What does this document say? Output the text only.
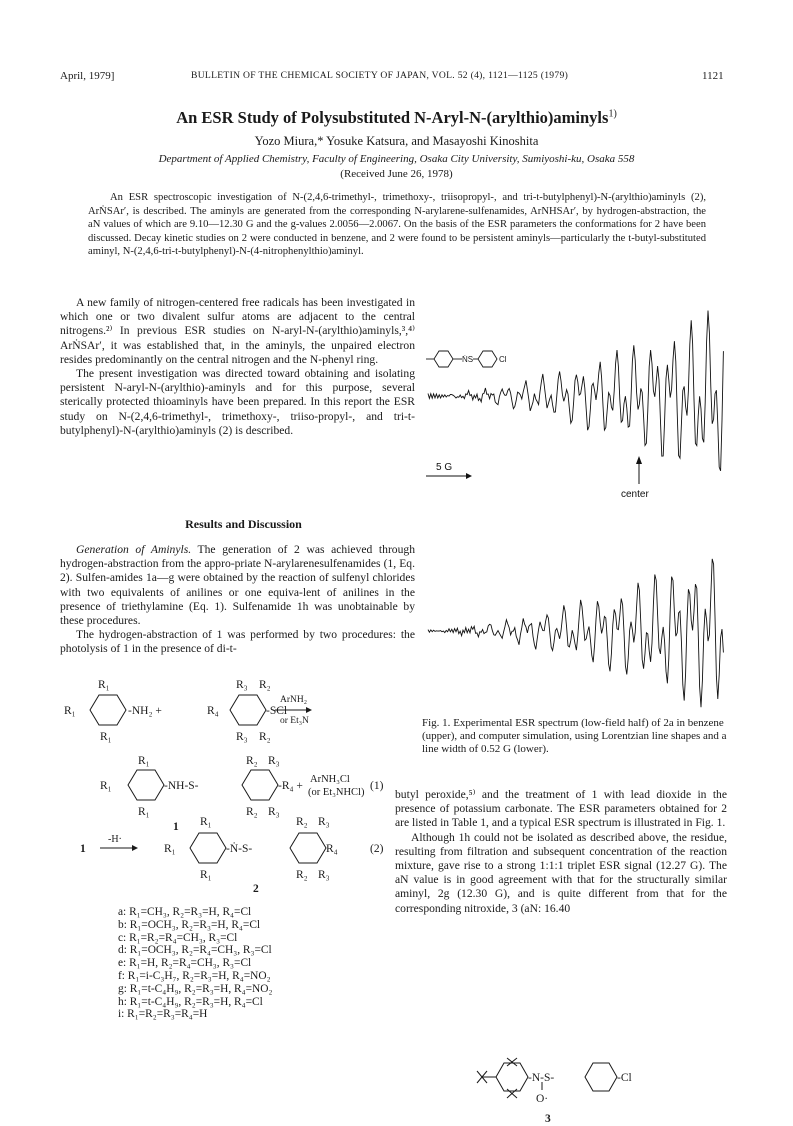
April, 1979]	BULLETIN OF THE CHEMICAL SOCIETY OF JAPAN, VOL. 52 (4), 1121—1125 (1979)	1121
An ESR Study of Polysubstituted N-Aryl-N-(arylthio)aminyls$^{1)}$
Yozo Miura,* Yosuke Katsura, and Masayoshi Kinoshita
Department of Applied Chemistry, Faculty of Engineering, Osaka City University, Sumiyoshi-ku, Osaka 558
(Received June 26, 1978)

An ESR spectroscopic investigation of N-(2,4,6-trimethyl-, trimethoxy-, triisopropyl-, and tri-t-butylphenyl)-N-(arylthio)aminyls (2), ArṄSAr′, is described. The aminyls are generated from the corresponding N-arylarene-sulfenamides, ArNHSAr′, by hydrogen-abstraction, the aN values of which are 9.10—12.30 G and the g-values 2.0056—2.0067. On the basis of the ESR parameters the conformations for 2 have been discussed. Decay kinetic studies on 2 were conducted in benzene, and 2 were found to be persistent aminyls—particularly the t-butyl-substituted aminyl, N-(2,4,6-tri-t-butylphenyl)-N-(4-nitrophenylthio)aminyl.

A new family of nitrogen-centered free radicals has been investigated in which one or two divalent sulfur atoms are adjacent to the central nitrogens.²⁾ In previous ESR studies on N-aryl-N-(arylthio)aminyls,³,⁴⁾ ArṄSAr′, it was established that, in the aminyls, the unpaired electron resides predominantly on the central nitrogen and the N-phenyl ring.

The present investigation was directed toward obtaining and isolating persistent N-aryl-N-(arylthio)-aminyls and for this purpose, several sterically protected thioaminyls have been prepared. In this report the ESR study on N-(2,4,6-trimethyl-, trimethoxy-, triiso-propyl-, and tri-t-butylphenyl)-N-(arylthio)aminyls (2) is described.

Results and Discussion

Generation of Aminyls. The generation of 2 was achieved through hydrogen-abstraction from the appro-priate N-arylarenesulfenamides (1, Eq. 2). Sulfen-amides 1a—g were obtained by the reaction of sulfenyl chlorides with two equivalents of anilines or one equiva-lent of anilines in the presence of triethylamine (Eq. 1). Sulfenamide 1h was unobtainable by these procedures.

The hydrogen-abstraction of 1 was performed by two procedures: the photolysis of 1 in the presence of di-t-

R₁
R₁
R₁
-NH₂ +
R₃ R₂
R₄	-SCl
R₃ R₂
ArNH₂
or Et₃N
R₁
R₁
R₁
-NH-S-
R₂ R₃
R₂ R₃
-R₄ +
ArNH₃Cl
(or Et₃NHCl)
(1)
1
1
-H·
R₁
R₁
R₁
-Ṅ-S-
R₂ R₃
R₂ R₃
R₄	(2)
2
a: R₁=CH₃, R₂=R₃=H, R₄=Cl
b: R₁=OCH₃, R₂=R₃=H, R₄=Cl
c: R₁=R₂=R₄=CH₃, R₃=Cl
d: R₁=OCH₃, R₂=R₄=CH₃, R₃=Cl
e: R₁=H, R₂=R₄=CH₃, R₃=Cl
f: R₁=i-C₃H₇, R₂=R₃=H, R₄=NO₂
g: R₁=t-C₄H₉, R₂=R₃=H, R₄=NO₂
h: R₁=t-C₄H₉, R₂=R₃=H, R₄=Cl
i: R₁=R₂=R₃=R₄=H
ṄS	Cl
5 G
center

Fig. 1. Experimental ESR spectrum (low-field half) of 2a in benzene (upper), and computer simulation, using Lorentzian line shapes and a line width of 0.52 G (lower).

butyl peroxide,⁵⁾ and the treatment of 1 with lead dioxide in the presence of potassium carbonate. The ESR parameters obtained for 2 are listed in Table 1, and a typical ESR spectrum is illustrated in Fig. 1.

Although 1h could not be isolated as described above, the residue, resulting from filtration and subsequent concentration of the reaction mixture, gave rise to a strong 1:1:1 triplet ESR signal (12.27 G). The aN value is in good agreement with that for the structurally similar aminyl, 2g (12.30 G), and is quite different from that for the corresponding nitroxide, 3 (aN: 16.40

-N-S-	-Cl
O·
3
